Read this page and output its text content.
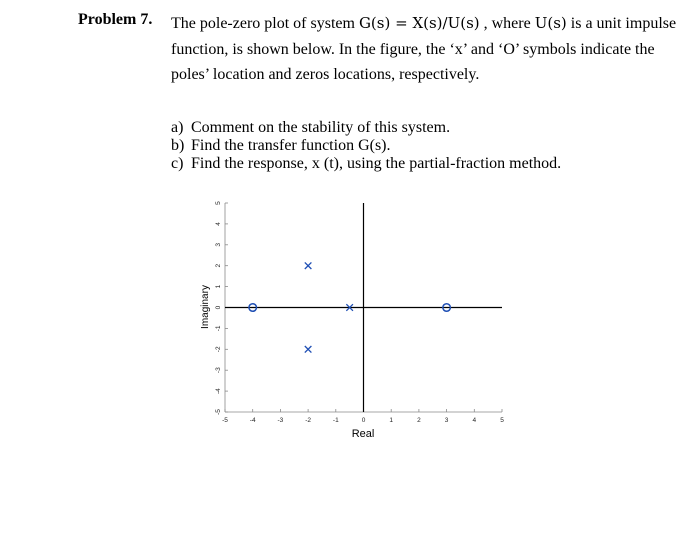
Problem 7. The pole-zero plot of system G(s) = X(s)/U(s) , where U(s) is a unit impulse
function, is shown below. In the figure, the ‘x’ and ‘O’ symbols indicate the
poles’ location and zeros locations, respectively.
a) Comment on the stability of this system.
b) Find the transfer function G(s).
c) Find the response, x (t), using the partial-fraction method.
-5	-4	-3	-2	-1	0	1	2	3	4	5
-5
-4
-3
-2
-1
0
1
2
3
4
5
Real
Imaginary
